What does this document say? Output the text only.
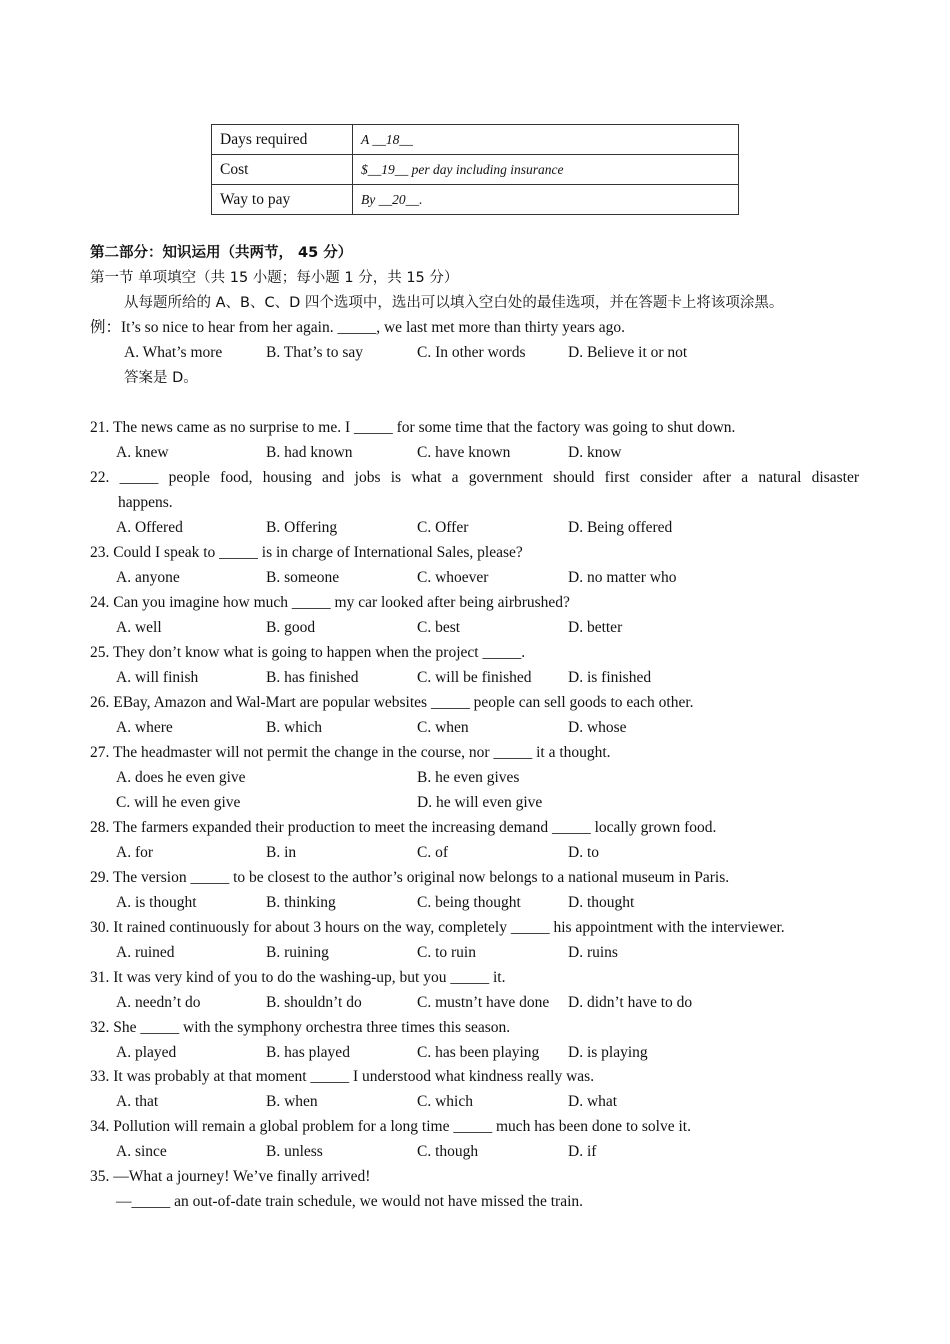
Days required	A __18__
Cost	$__19__ per day including insurance
Way to pay	By __20__.
第二部分：知识运用（共两节， 45 分）
第一节 单项填空（共 15 小题；每小题 1 分，共 15 分）
从每题所给的 A、B、C、D 四个选项中，选出可以填入空白处的最佳选项，并在答题卡上将该项涂黑。
例：It’s so nice to hear from her again. _____, we last met more than thirty years ago.
A. What’s more	B. That’s to say	C. In other words	D. Believe it or not
答案是 D。
21. The news came as no surprise to me. I _____ for some time that the factory was going to shut down.
A. knew	B. had known	C. have known	D. know
22. _____ people food, housing and jobs is what a government should first consider after a natural disaster
happens.
A. Offered	B. Offering	C. Offer	D. Being offered
23. Could I speak to _____ is in charge of International Sales, please?
A. anyone	B. someone	C. whoever	D. no matter who
24. Can you imagine how much _____ my car looked after being airbrushed?
A. well	B. good	C. best	D. better
25. They don’t know what is going to happen when the project _____.
A. will finish	B. has finished	C. will be finished D. is finished
26. EBay, Amazon and Wal-Mart are popular websites _____ people can sell goods to each other.
A. where	B. which	C. when	D. whose
27. The headmaster will not permit the change in the course, nor _____ it a thought.
A. does he even give	B. he even gives
C. will he even give	D. he will even give
28. The farmers expanded their production to meet the increasing demand _____ locally grown food.
A. for	B. in	C. of	D. to
29. The version _____ to be closest to the author’s original now belongs to a national museum in Paris.
A. is thought	B. thinking	C. being thought	D. thought
30. It rained continuously for about 3 hours on the way, completely _____ his appointment with the interviewer.
A. ruined	B. ruining	C. to ruin	D. ruins
31. It was very kind of you to do the washing-up, but you _____ it.
A. needn’t do	B. shouldn’t do	C. mustn’t have done D. didn’t have to do
32. She _____ with the symphony orchestra three times this season.
A. played	B. has played	C. has been playing D. is playing
33. It was probably at that moment _____ I understood what kindness really was.
A. that	B. when	C. which	D. what
34. Pollution will remain a global problem for a long time _____ much has been done to solve it.
A. since	B. unless	C. though	D. if
35. —What a journey! We’ve finally arrived!
—_____ an out-of-date train schedule, we would not have missed the train.
